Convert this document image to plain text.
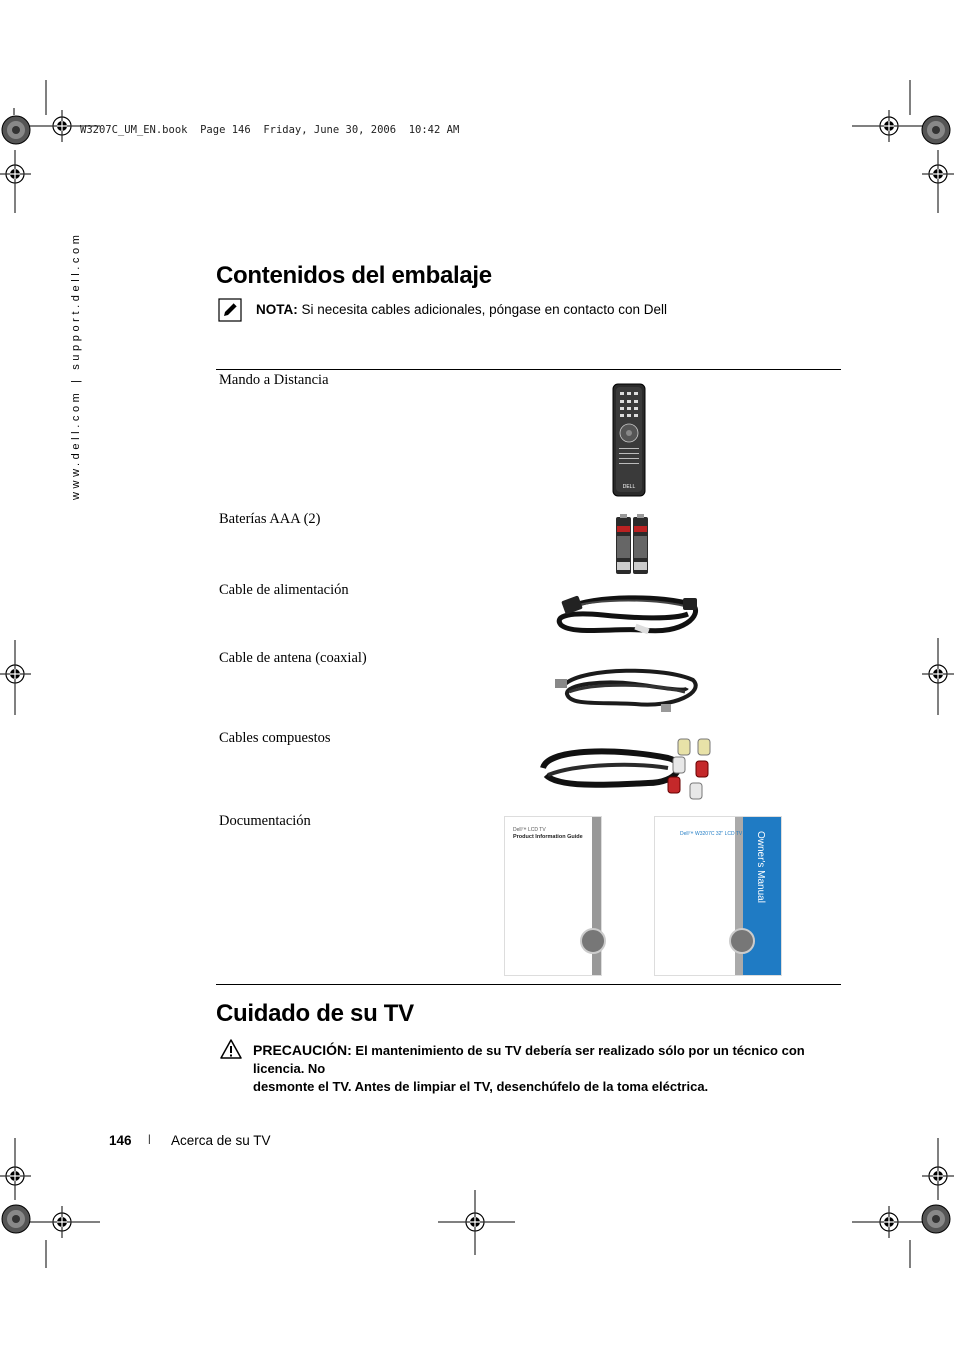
W3207C_UM_EN.book  Page 146  Friday, June 30, 2006  10:42 AM
www.dell.com | support.dell.com	Contenidos del embalaje
NOTA: Si necesita cables adicionales, póngase en contacto con Dell
Mando a Distancia
Baterías AAA (2)
Cable de alimentación
Cable de antena (coaxial)
Cables compuestos
Documentación
DELL
Dell™ LCD TV
Product Information Guide	Dell™ W3207C 32" LCD TV Owner's Manual
Cuidado de su TV
PRECAUCIÓN: El mantenimiento de su TV debería ser realizado sólo por un técnico con licencia. No
desmonte el TV. Antes de limpiar el TV, desenchúfelo de la toma eléctrica.
146 | Acerca de su TV
